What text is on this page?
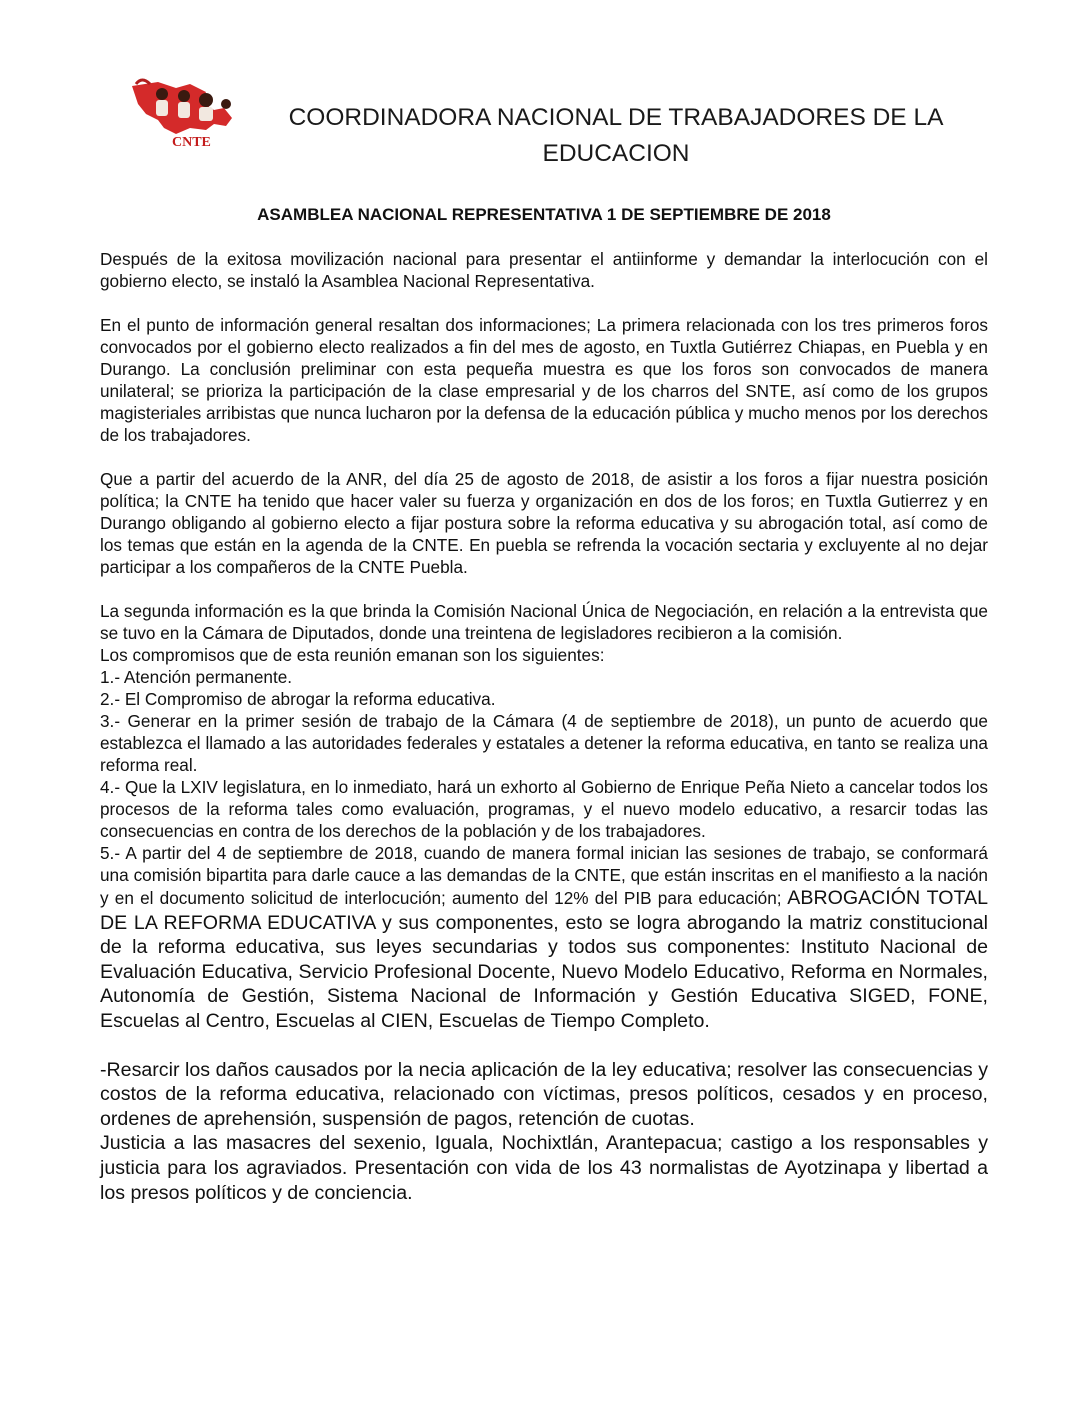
CNTE
COORDINADORA NACIONAL DE TRABAJADORES DE LA
EDUCACION
ASAMBLEA NACIONAL REPRESENTATIVA 1 DE SEPTIEMBRE DE 2018

Después de la exitosa movilización nacional para presentar el antiinforme y demandar la interlocución con el gobierno electo, se instaló la Asamblea Nacional Representativa.

En el punto de información general resaltan dos informaciones; La primera relacionada con los tres primeros foros convocados por el gobierno electo realizados a fin del mes de agosto, en Tuxtla Gutiérrez Chiapas, en Puebla y en Durango. La conclusión preliminar con esta pequeña muestra es que los foros son convocados de manera unilateral; se prioriza la participación de la clase empresarial y de los charros del SNTE, así como de los grupos magisteriales arribistas que nunca lucharon por la defensa de la educación pública y mucho menos por los derechos de los trabajadores.

Que a partir del acuerdo de la ANR, del día 25 de agosto de 2018, de asistir a los foros a fijar nuestra posición política; la CNTE ha tenido que hacer valer su fuerza y organización en dos de los foros; en Tuxtla Gutierrez y en Durango obligando al gobierno electo a fijar postura sobre la reforma educativa y su abrogación total, así como de los temas que están en la agenda de la CNTE. En puebla se refrenda la vocación sectaria y excluyente al no dejar participar a los compañeros de la CNTE Puebla.

La segunda información es la que brinda la Comisión Nacional Única de Negociación, en relación a la entrevista que se tuvo en la Cámara de Diputados, donde una treintena de legisladores recibieron a la comisión.

Los compromisos que de esta reunión emanan son los siguientes:

1.- Atención permanente.

2.- El Compromiso de abrogar la reforma educativa.

3.- Generar en la primer sesión de trabajo de la Cámara (4 de septiembre de 2018), un punto de acuerdo que establezca el llamado a las autoridades federales y estatales a detener la reforma educativa, en tanto se realiza una reforma real.

4.- Que la LXIV legislatura, en lo inmediato, hará un exhorto al Gobierno de Enrique Peña Nieto a cancelar todos los procesos de la reforma tales como evaluación, programas, y el nuevo modelo educativo, a resarcir todas las consecuencias en contra de los derechos de la población y de los trabajadores.

5.- A partir del 4 de septiembre de 2018, cuando de manera formal inician las sesiones de trabajo, se conformará una comisión bipartita para darle cauce a las demandas de la CNTE, que están inscritas en el manifiesto a la nación y en el documento solicitud de interlocución; aumento del 12% del PIB para educación; ABROGACIÓN TOTAL DE LA REFORMA EDUCATIVA y sus componentes, esto se logra abrogando la matriz constitucional de la reforma educativa, sus leyes secundarias y todos sus componentes: Instituto Nacional de Evaluación Educativa, Servicio Profesional Docente, Nuevo Modelo Educativo, Reforma en Normales, Autonomía de Gestión, Sistema Nacional de Información y Gestión Educativa SIGED, FONE, Escuelas al Centro, Escuelas al CIEN, Escuelas de Tiempo Completo.

-Resarcir los daños causados por la necia aplicación de la ley educativa; resolver las consecuencias y costos de la reforma educativa, relacionado con víctimas, presos políticos, cesados y en proceso, ordenes de aprehensión, suspensión de pagos, retención de cuotas.

Justicia a las masacres del sexenio, Iguala, Nochixtlán, Arantepacua; castigo a los responsables y justicia para los agraviados. Presentación con vida de los 43 normalistas de Ayotzinapa y libertad a los presos políticos y de conciencia.
